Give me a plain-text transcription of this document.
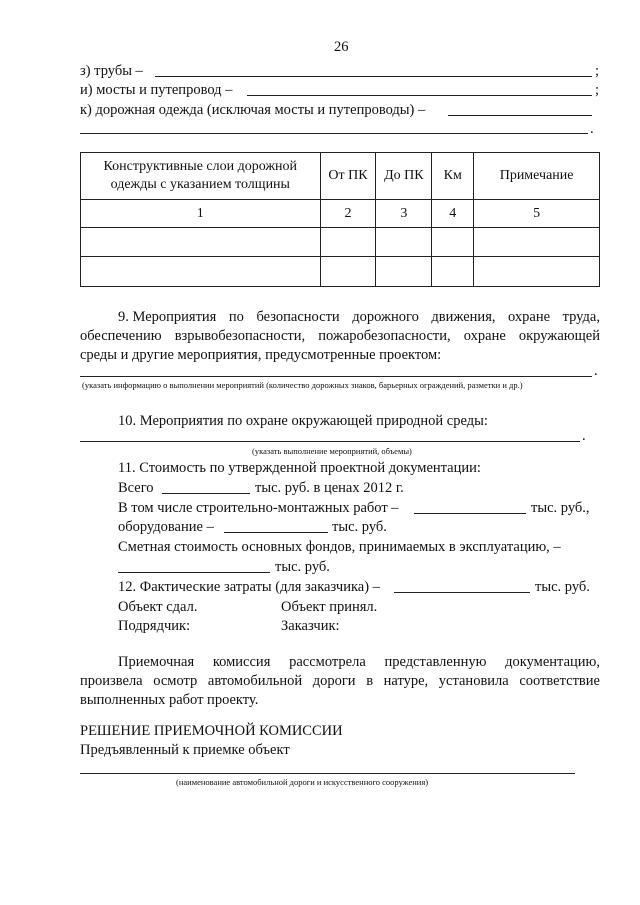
26
з) трубы –	;
и) мосты и путепровод –	;
к) дорожная одежда (исключая мосты и путепроводы) –
.
Конструктивные слои дорожной одежды с указанием толщины	От ПК	До ПК	Км	Примечание
1	2	3	4	5

9. Мероприятия по безопасности дорожного движения, охране труда,
обеспечению взрывобезопасности, пожаробезопасности, охране окружающей
среды и другие мероприятия, предусмотренные проектом:
.
(указать информацию о выполнении мероприятий (количество дорожных знаков, барьерных ограждений, разметки и др.)
10. Мероприятия по охране окружающей природной среды:
.
(указать выполнение мероприятий, объемы)
11. Стоимость по утвержденной проектной документации:
Всего	тыс. руб. в ценах 2012 г.
В том числе строительно-монтажных работ –	тыс. руб.,
оборудование –	тыс. руб.
Сметная стоимость основных фондов, принимаемых в эксплуатацию, –
тыс. руб.
12. Фактические затраты (для заказчика) –	тыс. руб.
Объект сдал.	Объект принял.
Подрядчик:	Заказчик:
Приемочная комиссия рассмотрела представленную документацию,
произвела осмотр автомобильной дороги в натуре, установила соответствие
выполненных работ проекту.
РЕШЕНИЕ ПРИЕМОЧНОЙ КОМИССИИ
Предъявленный к приемке объект
(наименование автомобильной дороги и искусственного сооружения)
